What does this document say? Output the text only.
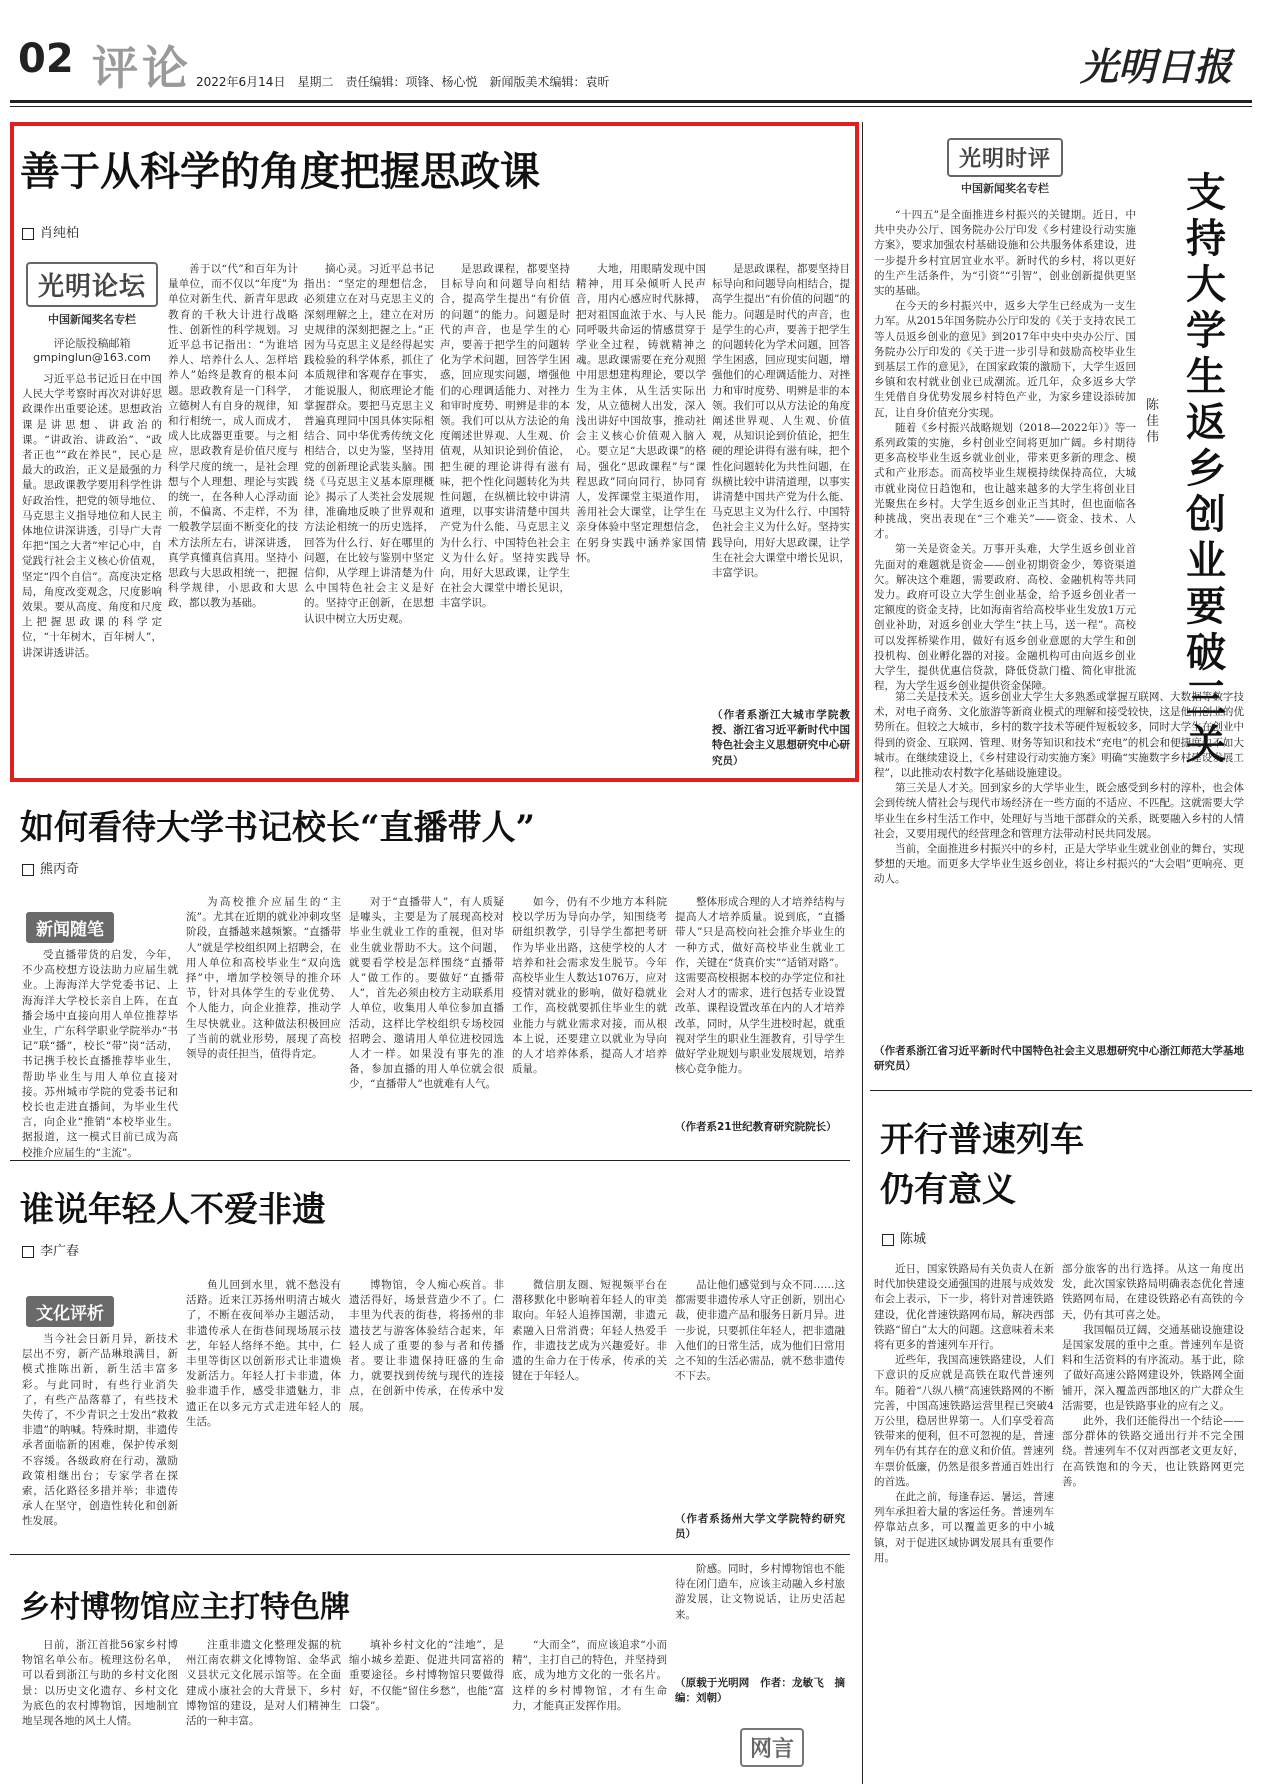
02 评论 2022年6月14日　星期二　责任编辑：项锋、杨心悦　新闻版美术编辑：袁昕	光明日报
善于从科学的角度把握思政课
肖纯柏
光明论坛
中国新闻奖名专栏
评论版投稿邮箱
gmpinglun@163.com

习近平总书记近日在中国人民大学考察时再次对讲好思政课作出重要论述。思想政治课是讲思想、讲政治的课。“讲政治、讲政治”、“政者正也”“政在养民”，民心是最大的政治，正义是最强的力量。思政课教学要用科学性讲好政治性，把党的领导地位、马克思主义指导地位和人民主体地位讲深讲透，引导广大青年把“国之大者”牢记心中，自觉践行社会主义核心价值观，坚定“四个自信”。高度决定格局，角度改变观念，尺度影响效果。要从高度、角度和尺度上把握思政课的科学定位，“十年树木，百年树人”，讲深讲透讲活。

善于以“代”和百年为计量单位，而不仅以“年度”为单位对新生代、新青年思政教育的千秋大计进行战略性、创新性的科学规划。习近平总书记指出：“为谁培养人、培养什么人、怎样培养人”始终是教育的根本问题。思政教育是一门科学，立德树人有自身的规律，知和行相统一，成人而成才，成人比成器更重要。与之相应，思政教育是价值尺度与科学尺度的统一，是社会理想与个人理想、理论与实践的统一，在各种人心浮动面前，不偏离、不走样，不为一般教学层面不断变化的技术方法所左右，讲深讲透，真学真懂真信真用。坚持小思政与大思政相统一，把握科学规律，小思政和大思政，都以教为基础。

摘心灵。习近平总书记指出：“坚定的理想信念，必须建立在对马克思主义的深刻理解之上，建立在对历史规律的深刻把握之上。”正因为马克思主义是经得起实践检验的科学体系，抓住了本质规律和客观存在事实，才能说服人，彻底理论才能掌握群众。要把马克思主义普遍真理同中国具体实际相结合、同中华优秀传统文化相结合，以史为鉴，坚持用党的创新理论武装头脑。围绕《马克思主义基本原理概论》揭示了人类社会发展规律，准确地反映了世界观和方法论相统一的历史选择，回答为什么行、好在哪里的问题，在比较与鉴别中坚定信仰，从学理上讲清楚为什么中国特色社会主义是好的。坚持守正创新，在思想认识中树立大历史观。

是思政课程，都要坚持目标导向和问题导向相结合，提高学生提出“有价值的问题”的能力。问题是时代的声音，也是学生的心声，要善于把学生的问题转化为学术问题，回答学生困惑，回应现实问题，增强他们的心理调适能力、对挫力和审时度势、明辨是非的本领。我们可以从方法论的角度阐述世界观、人生观、价值观，从知识论到价值论，把生硬的理论讲得有滋有味，把个性化问题转化为共性问题，在纵横比较中讲清道理，以事实讲清楚中国共产党为什么能、马克思主义为什么行、中国特色社会主义为什么好。坚持实践导向，用好大思政课，让学生在社会大课堂中增长见识，丰富学识。

大地，用眼睛发现中国精神，用耳朵倾听人民声音，用内心感应时代脉搏，把对祖国血浓于水、与人民同呼吸共命运的情感贯穿于学业全过程，铸就精神之魂。思政课需要在充分观照中用思想建构理论，要以学生为主体，从生活实际出发，从立德树人出发，深入浅出讲好中国故事，推动社会主义核心价值观入脑入心。要立足“大思政课”的格局，强化“思政课程”与“课程思政”同向同行，协同育人，发挥课堂主渠道作用，善用社会大课堂，让学生在亲身体验中坚定理想信念，在躬身实践中涵养家国情怀。

是思政课程，都要坚持目标导向和问题导向相结合，提高学生提出“有价值的问题”的能力。问题是时代的声音，也是学生的心声，要善于把学生的问题转化为学术问题，回答学生困惑，回应现实问题，增强他们的心理调适能力、对挫力和审时度势、明辨是非的本领。我们可以从方法论的角度阐述世界观、人生观、价值观，从知识论到价值论，把生硬的理论讲得有滋有味，把个性化问题转化为共性问题，在纵横比较中讲清道理，以事实讲清楚中国共产党为什么能、马克思主义为什么行、中国特色社会主义为什么好。坚持实践导向，用好大思政课，让学生在社会大课堂中增长见识，丰富学识。

（作者系浙江大城市学院教授、浙江省习近平新时代中国特色社会主义思想研究中心研究员）

如何看待大学书记校长“直播带人”
熊丙奇
新闻随笔

受直播带货的启发，今年，不少高校想方设法助力应届生就业。上海海洋大学党委书记、上海海洋大学校长亲自上阵，在直播会场中直接向用人单位推荐毕业生，广东科学职业学院举办“书记”联“播”，校长“带”岗“活动，书记携手校长直播推荐毕业生，帮助毕业生与用人单位直接对接。苏州城市学院的党委书记和校长也走进直播间，为毕业生代言，向企业“推销”本校毕业生。据报道，这一模式目前已成为高校推介应届生的“主流”。

为高校推介应届生的“主流”。尤其在近期的就业冲刺攻坚阶段，直播越来越频繁。“直播带人”就是学校组织网上招聘会，在用人单位和高校毕业生“双向选择”中，增加学校领导的推介环节，针对具体学生的专业优势、个人能力，向企业推荐，推动学生尽快就业。这种做法积极回应了当前的就业形势，展现了高校领导的责任担当，值得肯定。

对于“直播带人”，有人质疑是噱头，主要是为了展现高校对毕业生就业工作的重视，但对毕业生就业帮助不大。这个问题，就要看学校是怎样围绕“直播带人”做工作的。要做好“直播带人”，首先必须由校方主动联系用人单位，收集用人单位参加直播活动，这样比学校组织专场校园招聘会、邀请用人单位进校园选人才一样。如果没有事先的准备，参加直播的用人单位就会很少，“直播带人”也就难有人气。

如今，仍有不少地方本科院校以学历为导向办学，知围绕考研组织教学，引导学生都把考研作为毕业出路，这使学校的人才培养和社会需求发生脱节。今年高校毕业生人数达1076万，应对疫情对就业的影响，做好稳就业工作，高校就要抓住毕业生的就业能力与就业需求对接，而从根本上说，还要建立以就业为导向的人才培养体系，提高人才培养质量。

整体形成合理的人才培养结构与提高人才培养质量。说到底，“直播带人”只是高校向社会推介毕业生的一种方式，做好高校毕业生就业工作，关键在“货真价实”“适销对路”。这需要高校根据本校的办学定位和社会对人才的需求，进行包括专业设置改革、课程设置改革在内的人才培养改革，同时，从学生进校时起，就重视对学生的职业生涯教育，引导学生做好学业规划与职业发展规划，培养核心竞争能力。

（作者系21世纪教育研究院院长）

谁说年轻人不爱非遗
李广春
文化评析

当今社会日新月异，新技术层出不穷，新产品琳琅满目，新模式推陈出新，新生活丰富多彩。与此同时，有些行业消失了，有些产品落幕了，有些技术失传了，不少青识之士发出“救救非遗”的呐喊。特殊时期，非遗传承者面临新的困难，保护传承刻不容缓。各级政府在行动，激励政策相继出台；专家学者在探索，活化路径多措并举；非遗传承人在坚守，创造性转化和创新性发展。

鱼儿回到水里，就不愁没有活路。近来江苏扬州明清古城火了，不断在夜间举办主题活动，非遗传承人在街巷间现场展示技艺，年轻人络绎不绝。其中，仁丰里等街区以创新形式让非遗焕发新活力。年轻人打卡非遗，体验非遗手作，感受非遗魅力，非遗正在以多元方式走进年轻人的生活。

博物馆，令人痴心疾首。非遗活得好，场景营造少不了。仁丰里为代表的街巷，将扬州的非遗技艺与游客体验结合起来，年轻人成了重要的参与者和传播者。要让非遗保持旺盛的生命力，就要找到传统与现代的连接点，在创新中传承，在传承中发展。

微信朋友圈、短视频平台在潜移默化中影响着年轻人的审美取向。年轻人追捧国潮，非遗元素融入日常消费；年轻人热爱手作，非遗技艺成为兴趣爱好。非遗的生命力在于传承，传承的关键在于年轻人。

品让他们感觉到与众不同……这都需要非遗传承人守正创新，别出心裁，使非遗产品和服务日新月异。进一步说，只要抓住年轻人，把非遗融入他们的日常生活，成为他们日常用之不知的生活必需品，就不愁非遗传不下去。

（作者系扬州大学文学院特约研究员）

乡村博物馆应主打特色牌

日前，浙江首批56家乡村博物馆名单公布。梳理这份名单，可以看到浙江与助的乡村文化图景：以历史文化遗存、乡村文化为底色的农村博物馆，因地制宜地呈现各地的风土人情。

注重非遗文化整理发掘的杭州江南农耕文化博物馆、金华武义县状元文化展示馆等。在全面建成小康社会的大背景下，乡村博物馆的建设，是对人们精神生活的一种丰富。

填补乡村文化的“洼地”，是缩小城乡差距、促进共同富裕的重要途径。乡村博物馆只要做得好，不仅能“留住乡愁”，也能“富口袋”。

“大而全”，而应该追求“小而精”，主打自己的特色，并坚持到底，成为地方文化的一张名片。这样的乡村博物馆，才有生命力，才能真正发挥作用。

阶感。同时，乡村博物馆也不能待在闭门造车，应该主动融入乡村旅游发展，让文物说话，让历史活起来。

（原载于光明网　作者：龙敏飞　摘编：刘朝）

网言
光明时评
中国新闻奖名专栏	支持大学生返乡创业要破三关
陈佳伟

“十四五”是全面推进乡村振兴的关键期。近日，中共中央办公厅、国务院办公厅印发《乡村建设行动实施方案》，要求加强农村基础设施和公共服务体系建设，进一步提升乡村宜居宜业水平。新时代的乡村，将以更好的生产生活条件，为“引资”“引智”，创业创新提供更坚实的基础。

在今天的乡村振兴中，返乡大学生已经成为一支生力军。从2015年国务院办公厅印发的《关于支持农民工等人员返乡创业的意见》到2017年中央中央办公厅、国务院办公厅印发的《关于进一步引导和鼓励高校毕业生到基层工作的意见》，在国家政策的激励下，大学生返回乡镇和农村就业创业已成潮流。近几年，众多返乡大学生凭借自身优势发展乡村特色产业，为家乡建设添砖加瓦，让自身价值充分实现。

随着《乡村振兴战略规划（2018—2022年）》等一系列政策的实施，乡村创业空间将更加广阔。乡村期待更多高校毕业生返乡就业创业，带来更多新的理念、模式和产业形态。而高校毕业生规模持续保持高位，大城市就业岗位日趋饱和，也让越来越多的大学生将创业目光聚焦在乡村。大学生返乡创业正当其时，但也面临各种挑战，突出表现在“三个难关”——资金、技术、人才。

第一关是资金关。万事开头难，大学生返乡创业首先面对的难题就是资金——创业初期资金少，筹资渠道欠。解决这个难题，需要政府、高校、金融机构等共同发力。政府可设立大学生创业基金，给予返乡创业者一定额度的资金支持，比如海南省给高校毕业生发放1万元创业补助，对返乡创业大学生“扶上马，送一程”。高校可以发挥桥梁作用，做好有返乡创业意愿的大学生和创投机构、创业孵化器的对接。金融机构可由向返乡创业大学生，提供优惠信贷款，降低贷款门槛、简化审批流程，为大学生返乡创业提供资金保障。

第二关是技术关。返乡创业大学生大多熟悉或掌握互联网、大数据等数字技术，对电子商务、文化旅游等新商业模式的理解和接受较快，这是他们创业的优势所在。但较之大城市，乡村的数字技术等硬件短板较多，同时大学生在创业中得到的资金、互联网、管理、财务等知识和技术“充电”的机会和便捷度也不如大城市。在继续建设上，《乡村建设行动实施方案》明确“实施数字乡村建设发展工程”，以此推动农村数字化基础设施建设。

第三关是人才关。回到家乡的大学毕业生，既会感受到乡村的淳朴，也会体会到传统人情社会与现代市场经济在一些方面的不适应、不匹配。这就需要大学毕业生在乡村生活工作中，处理好与当地干部群众的关系，既要融入乡村的人情社会，又要用现代的经营理念和管理方法带动村民共同发展。

当前，全面推进乡村振兴中的乡村，正是大学毕业生就业创业的舞台，实现梦想的天地。而更多大学毕业生返乡创业，将让乡村振兴的“大会唱”更响亮、更动人。

（作者系浙江省习近平新时代中国特色社会主义思想研究中心浙江师范大学基地研究员）

开行普速列车
仍有意义
陈城

近日，国家铁路局有关负责人在新时代加快建设交通强国的进展与成效发布会上表示，下一步，将针对普速铁路建设，优化普速铁路网布局，解决西部铁路“留白”太大的问题。这意味着未来将有更多的普速列车开行。

近些年，我国高速铁路建设，人们下意识的反应就是高铁在取代普速列车。随着“八纵八横”高速铁路网的不断完善，中国高速铁路运营里程已突破4万公里，稳居世界第一。人们享受着高铁带来的便利，但不可忽视的是，普速列车仍有其存在的意义和价值。普速列车票价低廉，仍然是很多普通百姓出行的首选。

在此之前，每逢春运、暑运，普速列车承担着大量的客运任务。普速列车停靠站点多，可以覆盖更多的中小城镇，对于促进区域协调发展具有重要作用。

部分旅客的出行选择。从这一角度出发，此次国家铁路局明确表态优化普速铁路网布局，在建设铁路必有高铁的今天，仍有其可喜之处。

我国幅员辽阔，交通基础设施建设是国家发展的重中之重。普速列车是资料和生活资料的有序流动。基于此，除了做好高速公路网建设外，铁路网全面铺开，深入覆盖西部地区的广大群众生活需要，也是铁路事业的应有之义。

此外，我们还能得出一个结论——部分群体的铁路交通出行并不完全围绕。普速列车不仅对西部老文更友好，在高铁饱和的今天，也让铁路网更完善。
